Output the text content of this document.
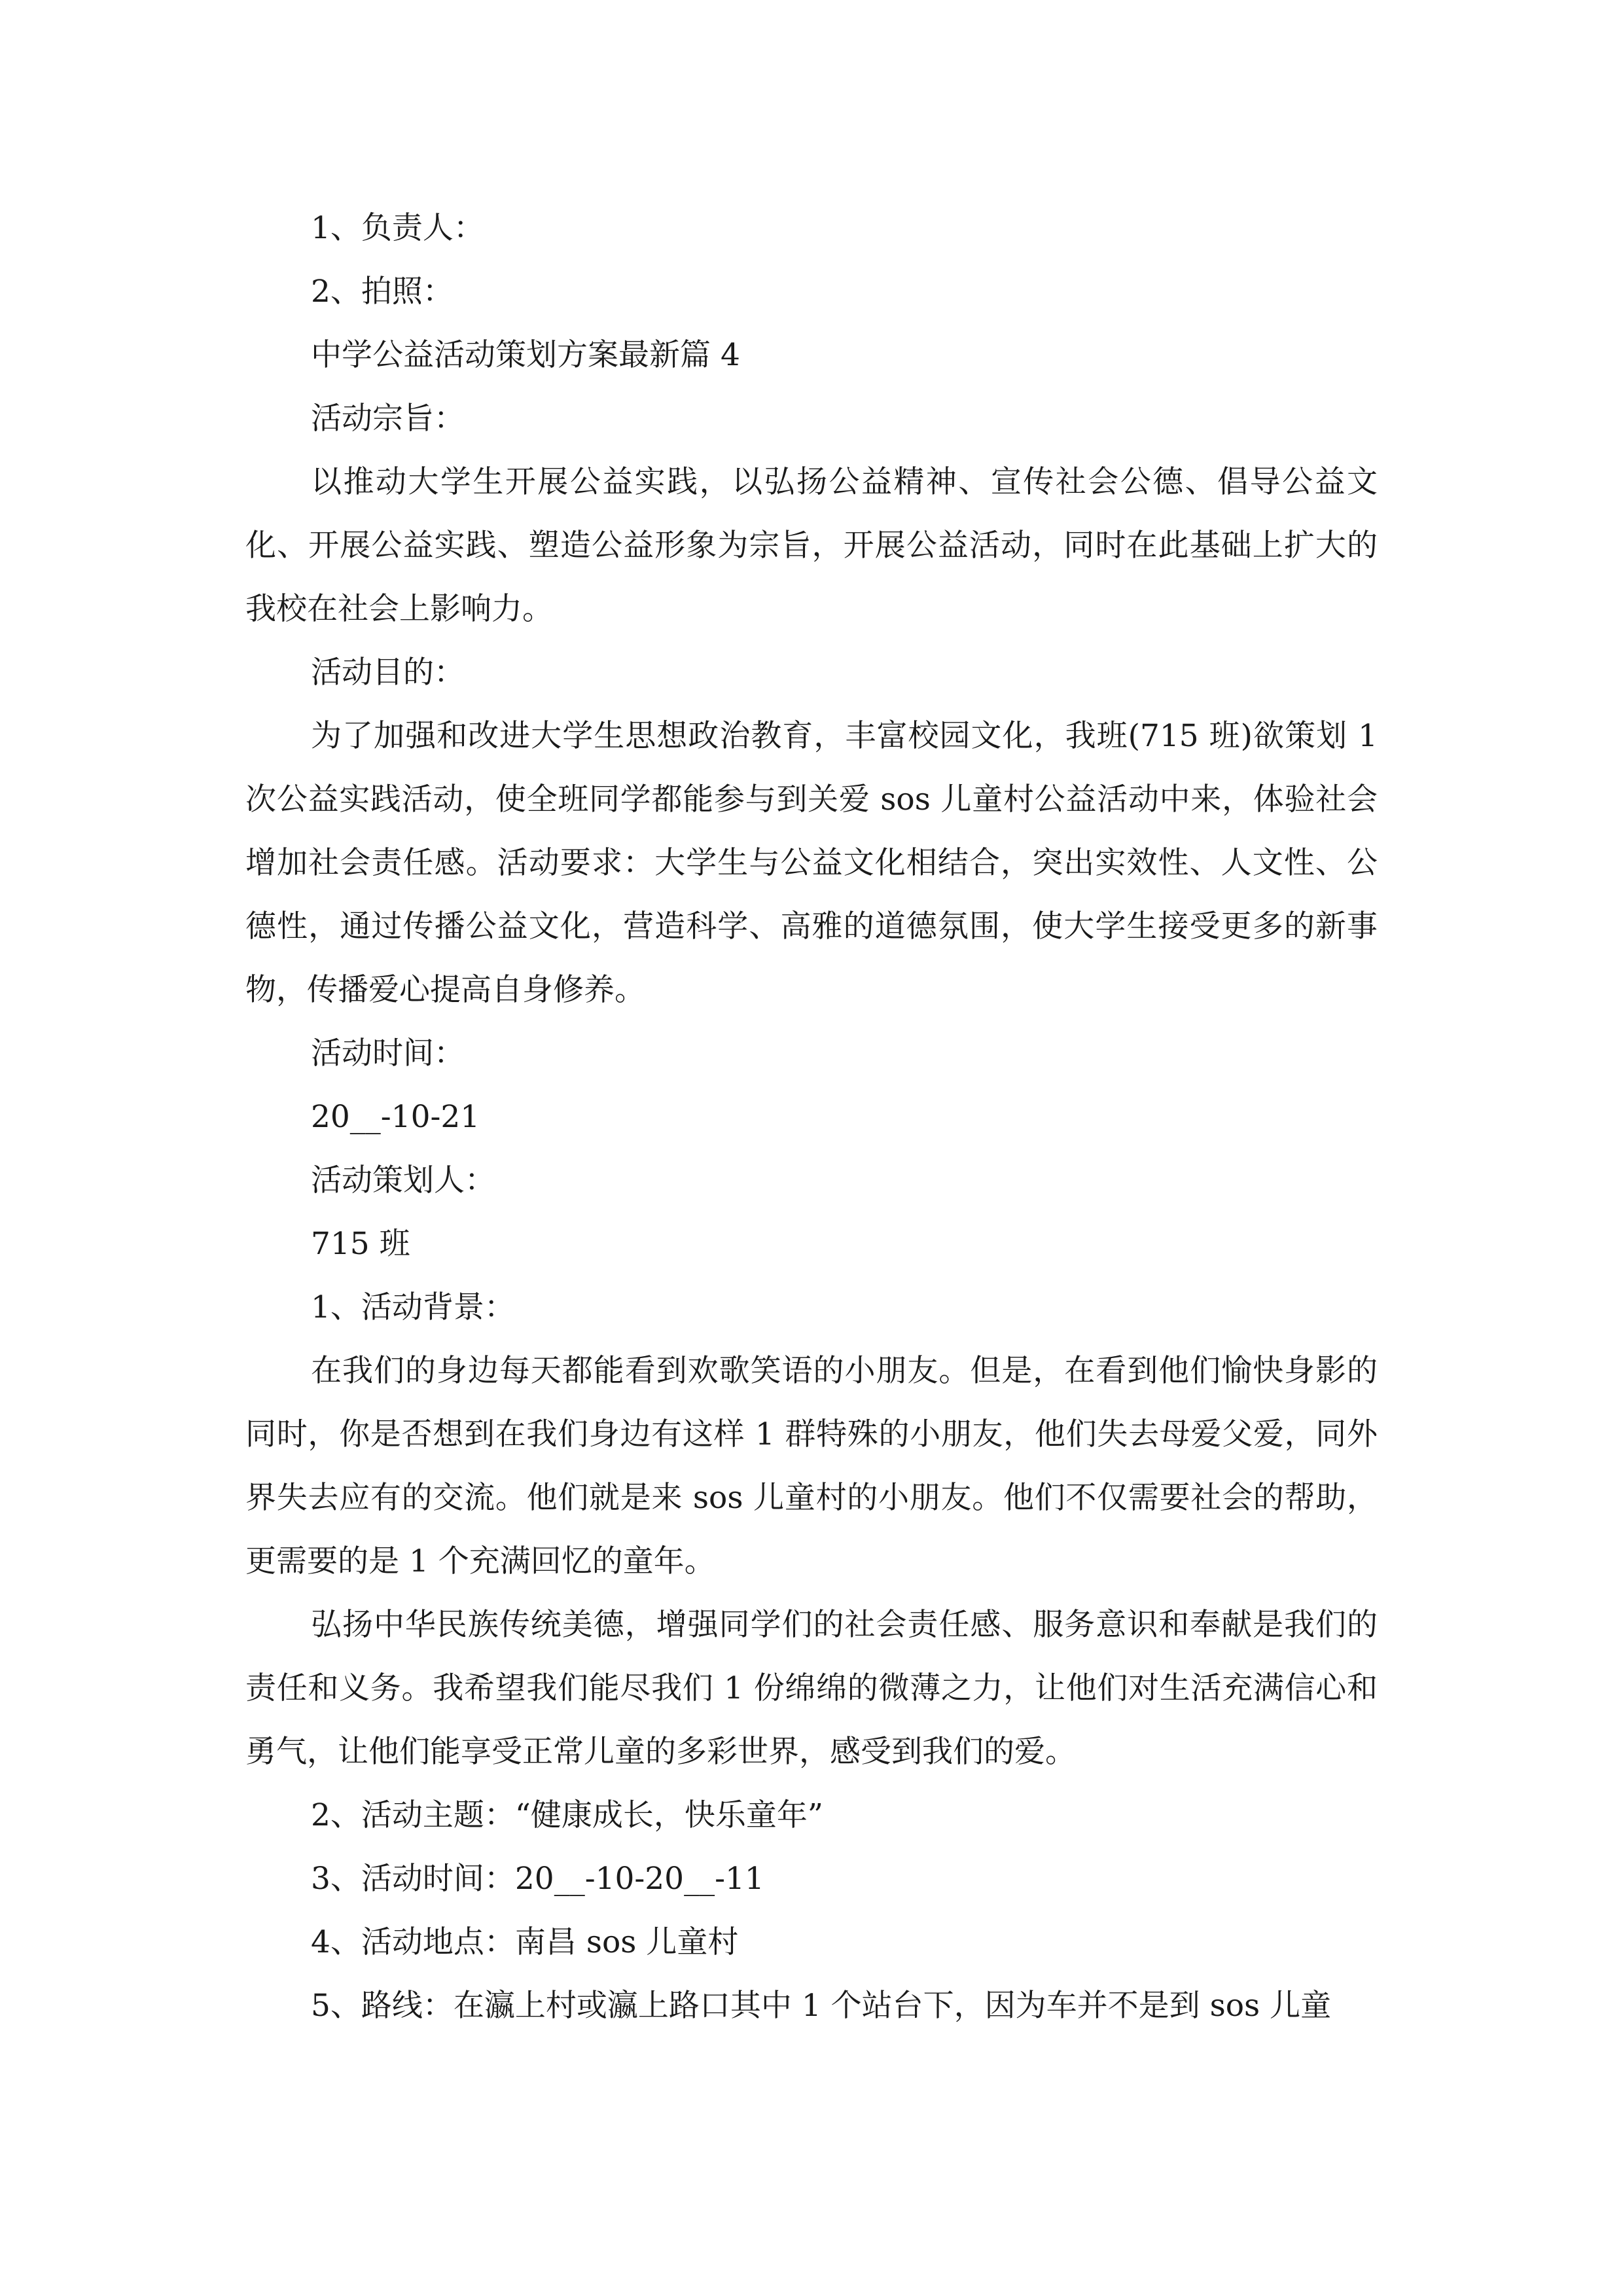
1、负责人：

2、拍照：

中学公益活动策划方案最新篇 4

活动宗旨：

以推动大学生开展公益实践，以弘扬公益精神、宣传社会公德、倡导公益文化、开展公益实践、塑造公益形象为宗旨，开展公益活动，同时在此基础上扩大的我校在社会上影响力。

活动目的：

为了加强和改进大学生思想政治教育，丰富校园文化，我班(715 班)欲策划 1 次公益实践活动，使全班同学都能参与到关爱 sos 儿童村公益活动中来，体验社会增加社会责任感。活动要求：大学生与公益文化相结合，突出实效性、人文性、公德性，通过传播公益文化，营造科学、高雅的道德氛围，使大学生接受更多的新事物，传播爱心提高自身修养。

活动时间：

20__-10-21

活动策划人：

715 班

1、活动背景：

在我们的身边每天都能看到欢歌笑语的小朋友。但是，在看到他们愉快身影的同时，你是否想到在我们身边有这样 1 群特殊的小朋友，他们失去母爱父爱，同外界失去应有的交流。他们就是来 sos 儿童村的小朋友。他们不仅需要社会的帮助，更需要的是 1 个充满回忆的童年。

弘扬中华民族传统美德，增强同学们的社会责任感、服务意识和奉献是我们的责任和义务。我希望我们能尽我们 1 份绵绵的微薄之力，让他们对生活充满信心和勇气，让他们能享受正常儿童的多彩世界，感受到我们的爱。

2、活动主题：“健康成长，快乐童年”

3、活动时间：20__-10-20__-11

4、活动地点：南昌 sos 儿童村

5、路线：在瀛上村或瀛上路口其中 1 个站台下，因为车并不是到 sos 儿童
